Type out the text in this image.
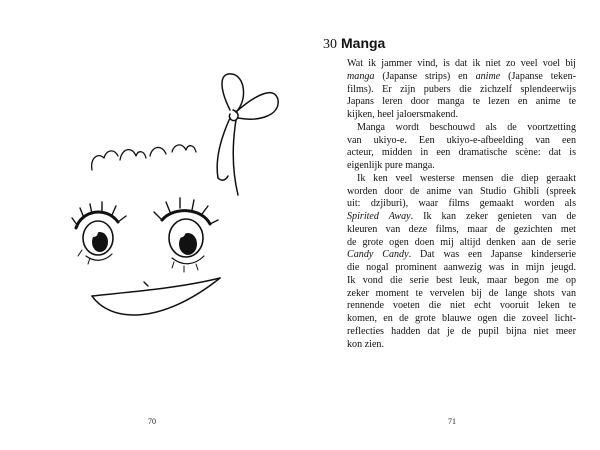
70
30 Manga
Wat ik jammer vind, is dat ik niet zo veel voel bij
manga (Japanse strips) en anime (Japanse teken-
films). Er zijn pubers die zichzelf splendeerwijs
Japans leren door manga te lezen en anime te
kijken, heel jaloersmakend.
Manga wordt beschouwd als de voortzetting
van ukiyo-e. Een ukiyo-e-afbeelding van een
acteur, midden in een dramatische scène: dat is
eigenlijk pure manga.
Ik ken veel westerse mensen die diep geraakt
worden door de anime van Studio Ghibli (spreek
uit: dzjiburi), waar films gemaakt worden als
Spirited Away. Ik kan zeker genieten van de
kleuren van deze films, maar de gezichten met
de grote ogen doen mij altijd denken aan de serie
Candy Candy. Dat was een Japanse kinderserie
die nogal prominent aanwezig was in mijn jeugd.
Ik vond die serie best leuk, maar begon me op
zeker moment te vervelen bij de lange shots van
rennende voeten die niet echt vooruit leken te
komen, en de grote blauwe ogen die zoveel licht-
reflecties hadden dat je de pupil bijna niet meer
kon zien.
71
